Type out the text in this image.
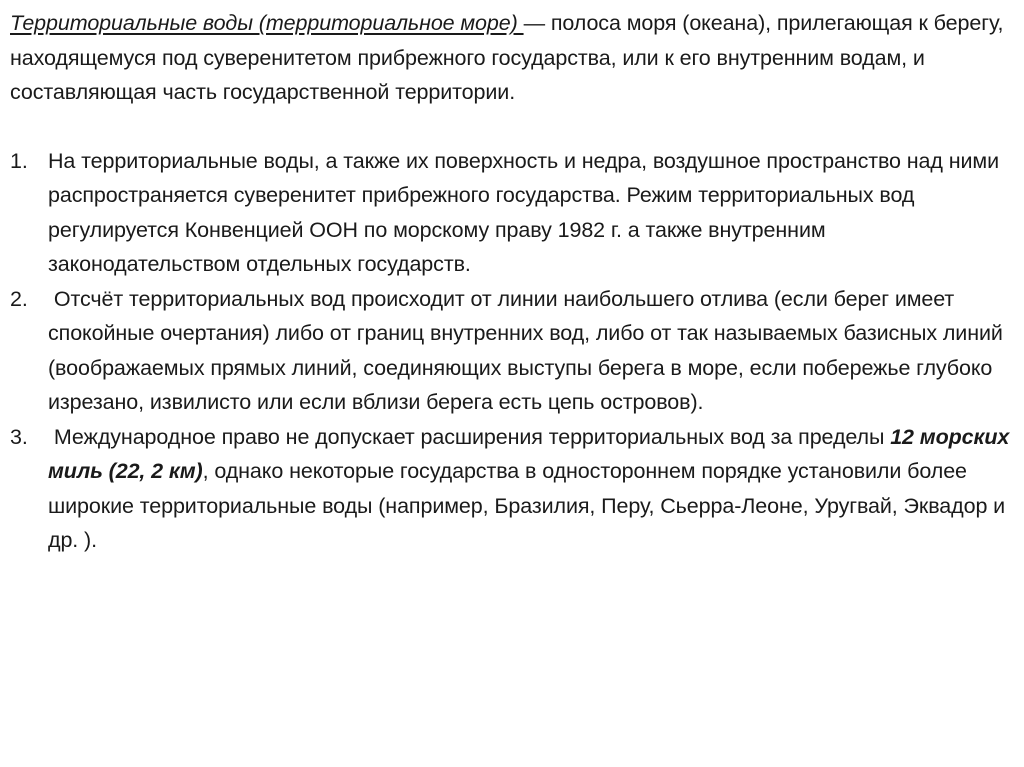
Территориальные воды (территориальное море) — полоса моря (океана), прилегающая к берегу, находящемуся под суверенитетом прибрежного государства, или к его внутренним водам, и составляющая часть государственной территории.

1. На территориальные воды, а также их поверхность и недра, воздушное пространство над ними распространяется суверенитет прибрежного государства. Режим территориальных вод регулируется Конвенцией ООН по морскому праву 1982 г. а также внутренним законодательством отдельных государств.
2. Отсчёт территориальных вод происходит от линии наибольшего отлива (если берег имеет спокойные очертания) либо от границ внутренних вод, либо от так называемых базисных линий (воображаемых прямых линий, соединяющих выступы берега в море, если побережье глубоко изрезано, извилисто или если вблизи берега есть цепь островов).
3. Международное право не допускает расширения территориальных вод за пределы 12 морских миль (22, 2 км), однако некоторые государства в одностороннем порядке установили более широкие территориальные воды (например, Бразилия, Перу, Сьерра-Леоне, Уругвай, Эквадор и др. ).
